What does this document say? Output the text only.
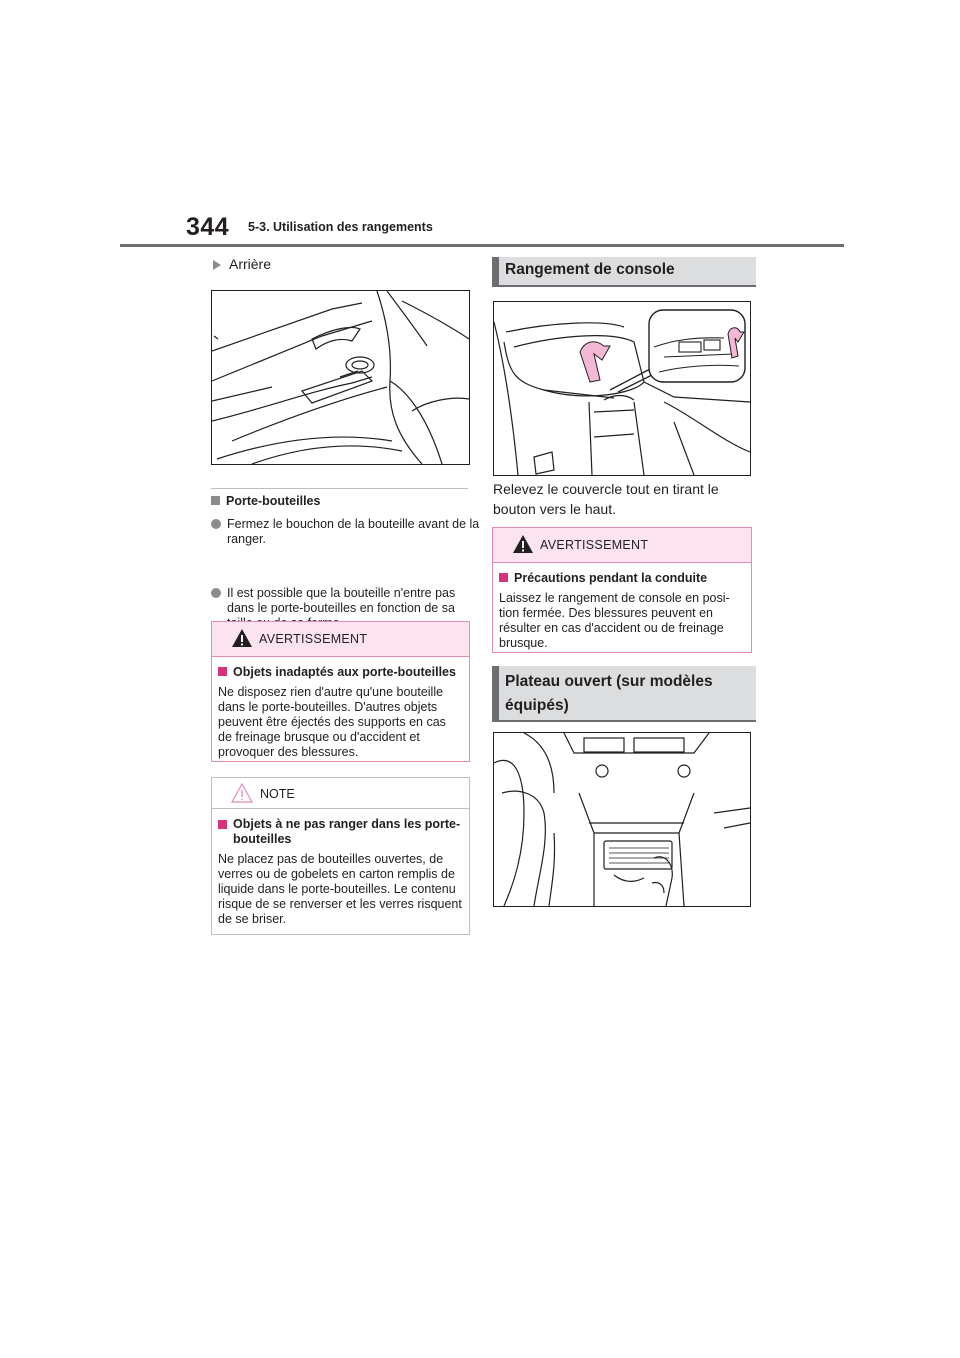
344 5-3. Utilisation des rangements
Arrière
Porte-bouteilles
Fermez le bouchon de la bouteille avant de la ranger.
Il est possible que la bouteille n'entre pas dans le porte-bouteilles en fonction de sa
AVERTISSEMENT
Objets inadaptés aux porte-bouteilles
Ne disposez rien d'autre qu'une bouteille dans le porte-bouteilles. D'autres objets peuvent être éjectés des supports en cas de freinage brusque ou d'accident et provoquer des blessures.
NOTE
Objets à ne pas ranger dans les porte-bouteilles
Ne placez pas de bouteilles ouvertes, de verres ou de gobelets en carton remplis de liquide dans le porte-bouteilles. Le contenu risque de se renverser et les verres risquent de se briser.
Rangement de console
Relevez le couvercle tout en tirant le bouton vers le haut.
AVERTISSEMENT
Précautions pendant la conduite
Laissez le rangement de console en posi- tion fermée. Des blessures peuvent en résulter en cas d'accident ou de freinage brusque.
Plateau ouvert (sur modèles équipés)
